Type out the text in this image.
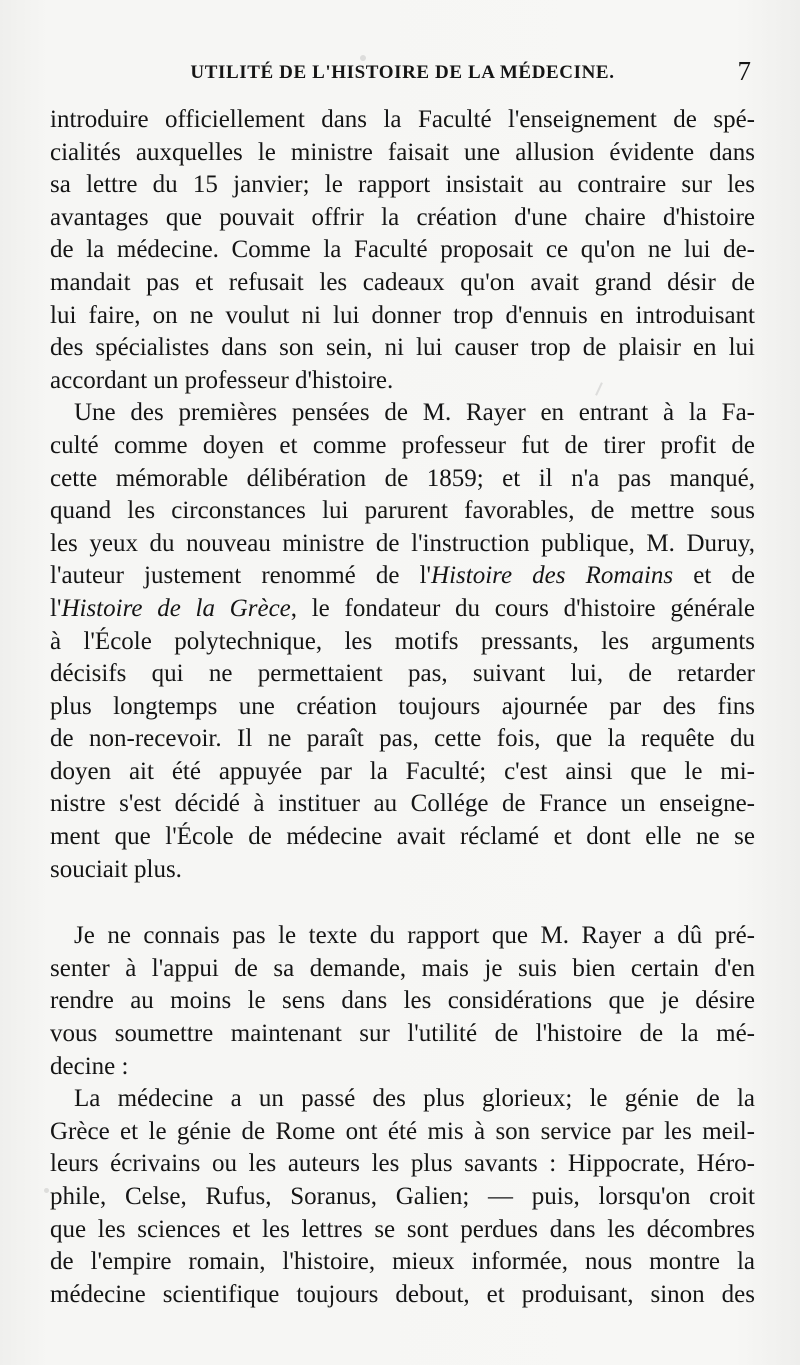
UTILITÉ DE L'HISTOIRE DE LA MÉDECINE.	7
introduire officiellement dans la Faculté l'enseignement de spé-
cialités auxquelles le ministre faisait une allusion évidente dans
sa lettre du 15 janvier; le rapport insistait au contraire sur les
avantages que pouvait offrir la création d'une chaire d'histoire
de la médecine. Comme la Faculté proposait ce qu'on ne lui de-
mandait pas et refusait les cadeaux qu'on avait grand désir de
lui faire, on ne voulut ni lui donner trop d'ennuis en introduisant
des spécialistes dans son sein, ni lui causer trop de plaisir en lui
accordant un professeur d'histoire.
Une des premières pensées de M. Rayer en entrant à la Fa-
culté comme doyen et comme professeur fut de tirer profit de
cette mémorable délibération de 1859; et il n'a pas manqué,
quand les circonstances lui parurent favorables, de mettre sous
les yeux du nouveau ministre de l'instruction publique, M. Duruy,
l'auteur justement renommé de l'Histoire des Romains et de
l'Histoire de la Grèce, le fondateur du cours d'histoire générale
à l'École polytechnique, les motifs pressants, les arguments
décisifs qui ne permettaient pas, suivant lui, de retarder
plus longtemps une création toujours ajournée par des fins
de non-recevoir. Il ne paraît pas, cette fois, que la requête du
doyen ait été appuyée par la Faculté; c'est ainsi que le mi-
nistre s'est décidé à instituer au Collége de France un enseigne-
ment que l'École de médecine avait réclamé et dont elle ne se
souciait plus.
Je ne connais pas le texte du rapport que M. Rayer a dû pré-
senter à l'appui de sa demande, mais je suis bien certain d'en
rendre au moins le sens dans les considérations que je désire
vous soumettre maintenant sur l'utilité de l'histoire de la mé-
decine :
La médecine a un passé des plus glorieux; le génie de la
Grèce et le génie de Rome ont été mis à son service par les meil-
leurs écrivains ou les auteurs les plus savants : Hippocrate, Héro-
phile, Celse, Rufus, Soranus, Galien; — puis, lorsqu'on croit
que les sciences et les lettres se sont perdues dans les décombres
de l'empire romain, l'histoire, mieux informée, nous montre la
médecine scientifique toujours debout, et produisant, sinon des
